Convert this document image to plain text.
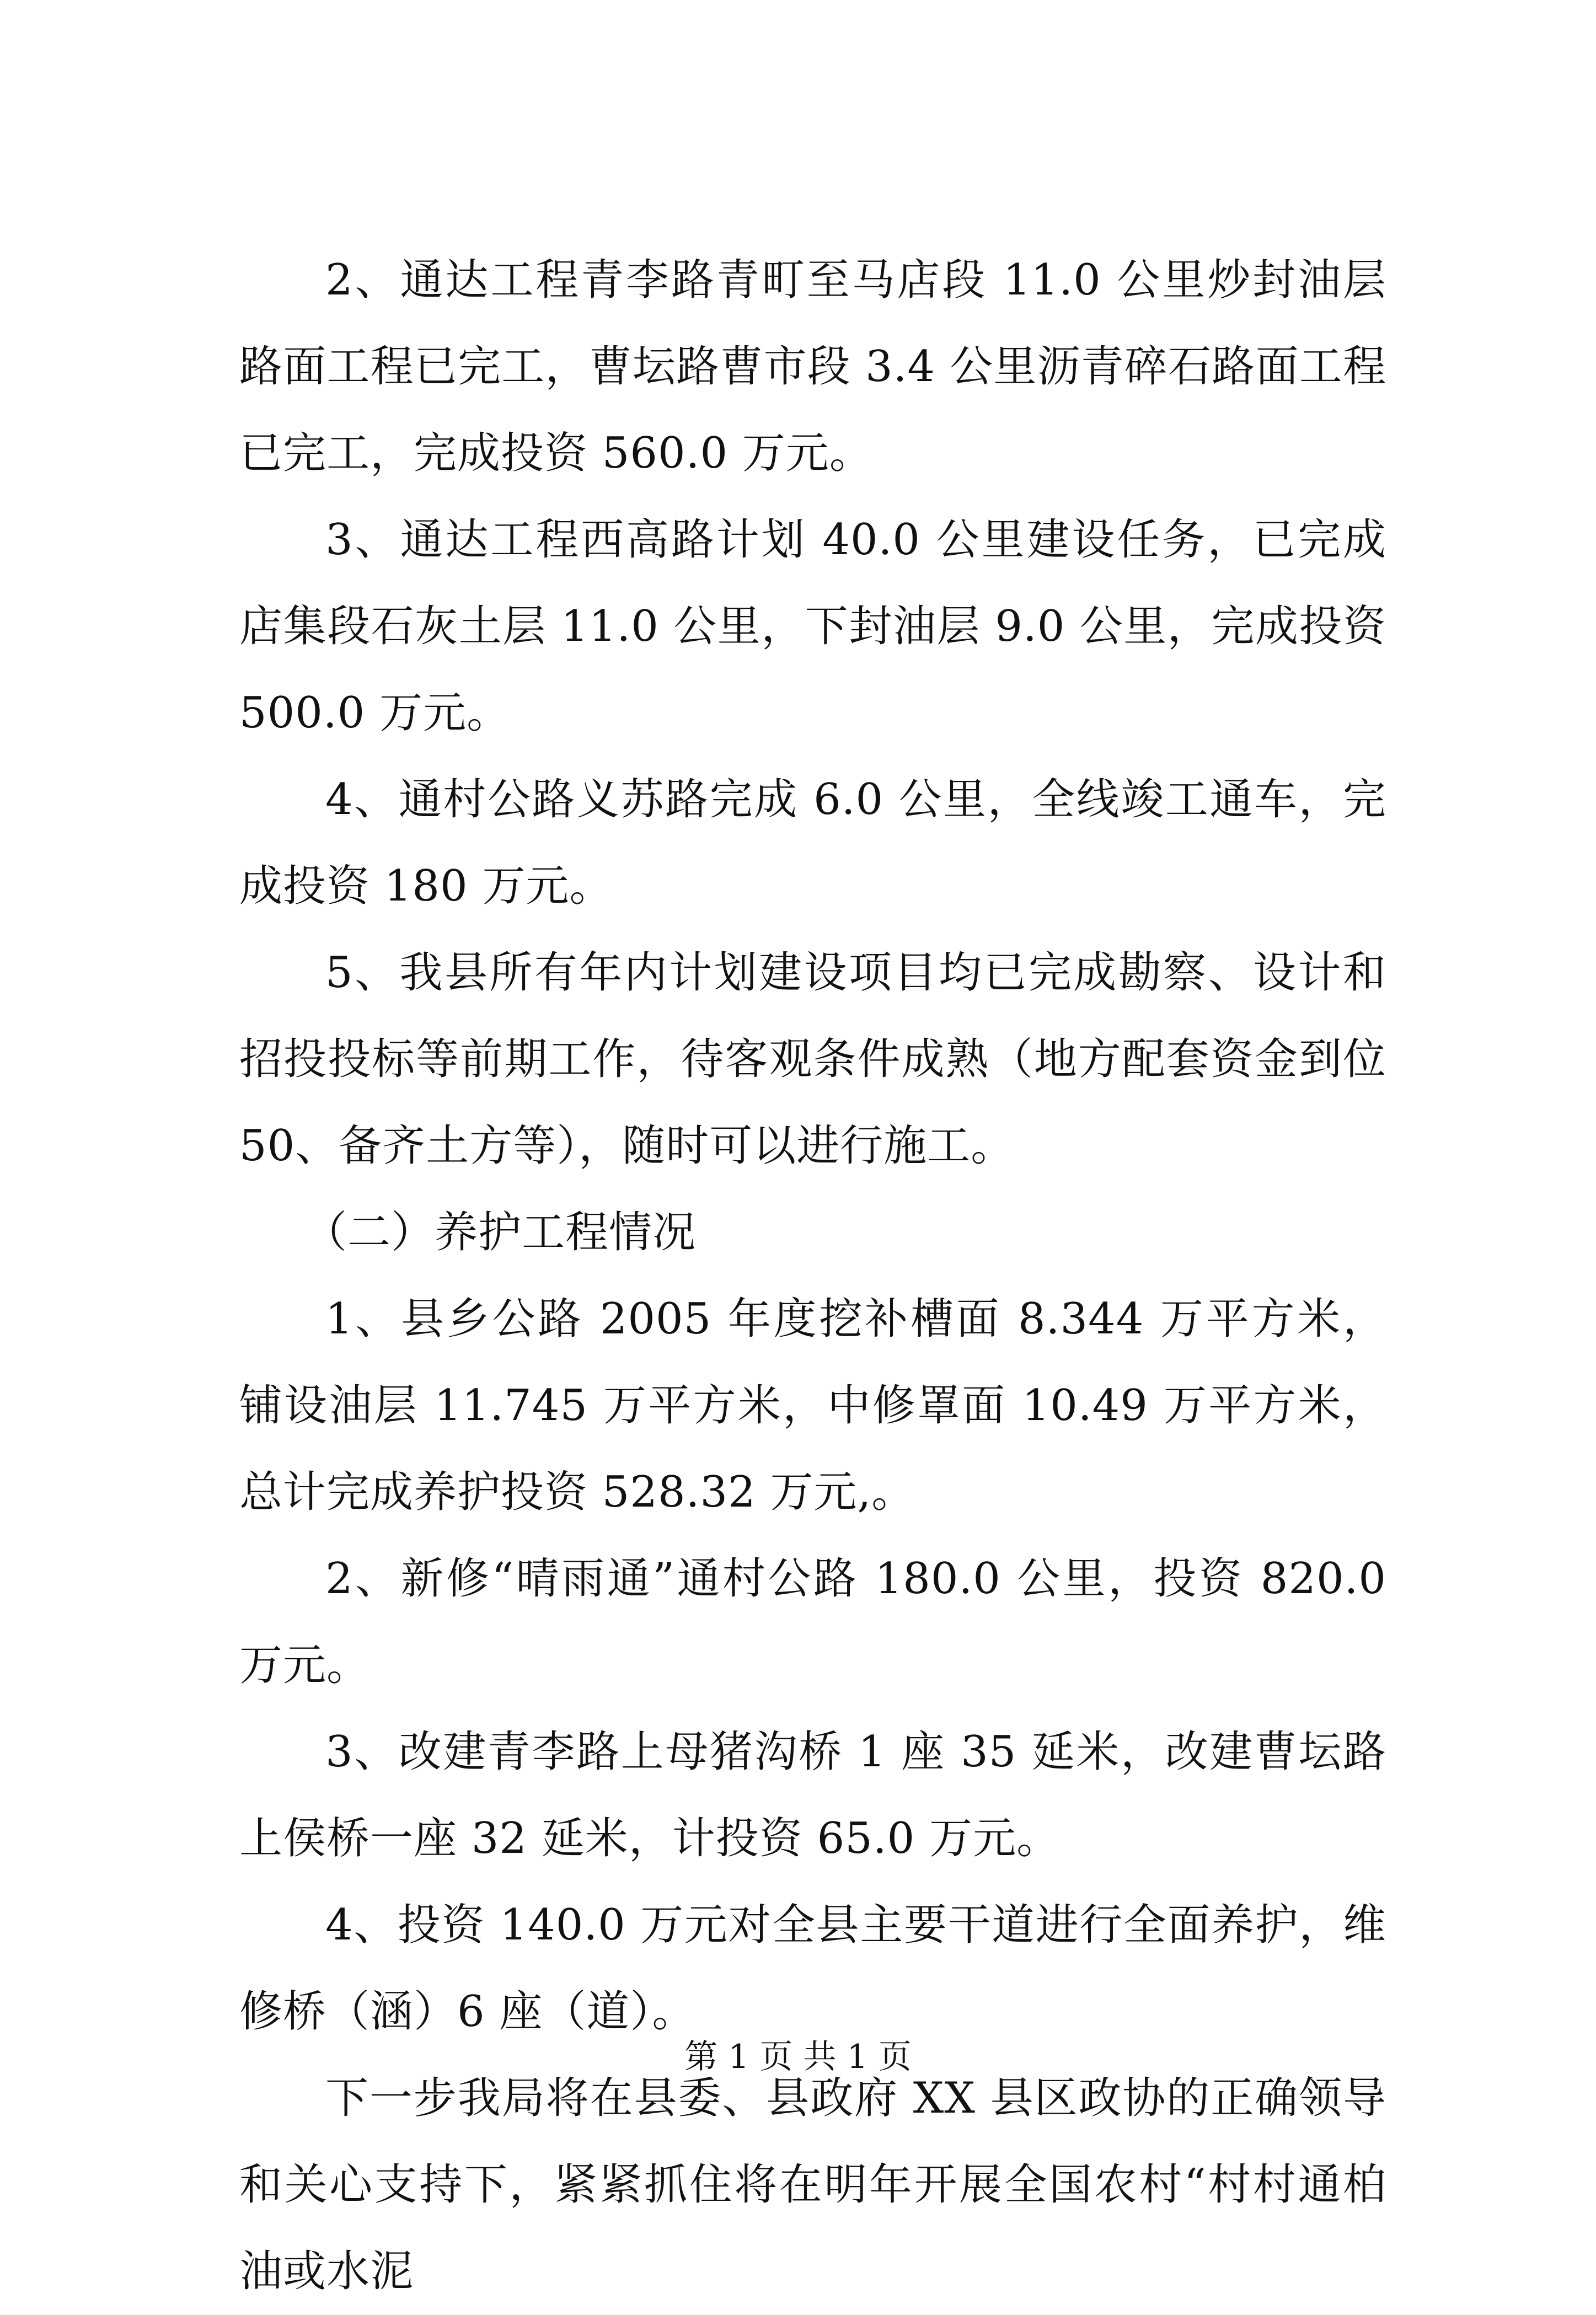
2、通达工程青李路青町至马店段 11.0 公里炒封油层路面工程已完工，曹坛路曹市段 3.4 公里沥青碎石路面工程已完工，完成投资 560.0 万元。

3、通达工程西高路计划 40.0 公里建设任务，已完成店集段石灰土层 11.0 公里，下封油层 9.0 公里，完成投资 500.0 万元。

4、通村公路义苏路完成 6.0 公里，全线竣工通车，完成投资 180 万元。

5、我县所有年内计划建设项目均已完成勘察、设计和招投投标等前期工作，待客观条件成熟（地方配套资金到位 50、备齐土方等），随时可以进行施工。

（二）养护工程情况

1、县乡公路 2005 年度挖补槽面 8.344 万平方米，铺设油层 11.745 万平方米，中修罩面 10.49 万平方米，总计完成养护投资 528.32 万元,。

2、新修“晴雨通”通村公路 180.0 公里，投资 820.0 万元。

3、改建青李路上母猪沟桥 1 座 35 延米，改建曹坛路上侯桥一座 32 延米，计投资 65.0 万元。

4、投资 140.0 万元对全县主要干道进行全面养护，维修桥（涵）6 座（道）。

下一步我局将在县委、县政府 XX 县区政协的正确领导和关心支持下，紧紧抓住将在明年开展全国农村“村村通柏油或水泥

第 1 页 共 1 页
